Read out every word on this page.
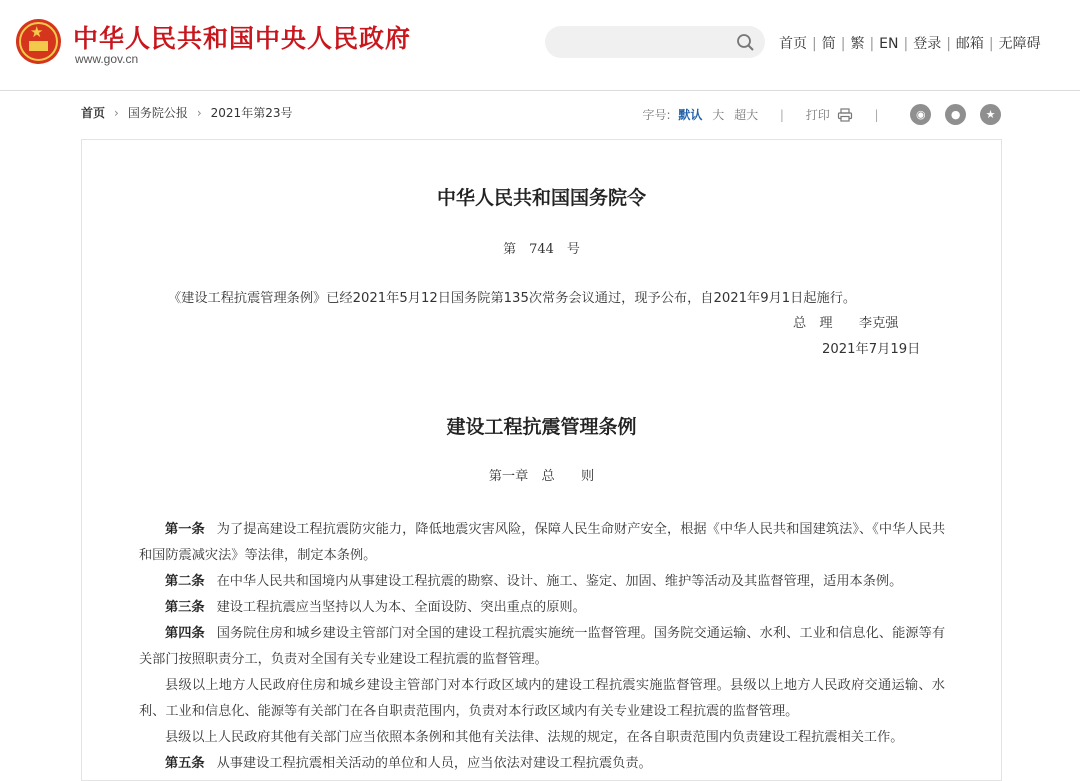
★ 中华人民共和国中央人民政府
www.gov.cn
首页 | 简 | 繁 | EN | 登录 | 邮箱 | 无障碍
首页 › 国务院公报 › 2021年第23号	字号: 默认 大 超大 | 打印	|	◉ ● ★
中华人民共和国国务院令
第　744　号
《建设工程抗震管理条例》已经2021年5月12日国务院第135次常务会议通过，现予公布，自2021年9月1日起施行。
总　理　　李克强
2021年7月19日
建设工程抗震管理条例
第一章　总　　则

第一条 为了提高建设工程抗震防灾能力，降低地震灾害风险，保障人民生命财产安全，根据《中华人民共和国建筑法》、《中华人民共和国防震减灾法》等法律，制定本条例。

第二条 在中华人民共和国境内从事建设工程抗震的勘察、设计、施工、鉴定、加固、维护等活动及其监督管理，适用本条例。

第三条 建设工程抗震应当坚持以人为本、全面设防、突出重点的原则。

第四条 国务院住房和城乡建设主管部门对全国的建设工程抗震实施统一监督管理。国务院交通运输、水利、工业和信息化、能源等有关部门按照职责分工，负责对全国有关专业建设工程抗震的监督管理。

县级以上地方人民政府住房和城乡建设主管部门对本行政区域内的建设工程抗震实施监督管理。县级以上地方人民政府交通运输、水利、工业和信息化、能源等有关部门在各自职责范围内，负责对本行政区域内有关专业建设工程抗震的监督管理。

县级以上人民政府其他有关部门应当依照本条例和其他有关法律、法规的规定，在各自职责范围内负责建设工程抗震相关工作。

第五条 从事建设工程抗震相关活动的单位和人员，应当依法对建设工程抗震负责。
